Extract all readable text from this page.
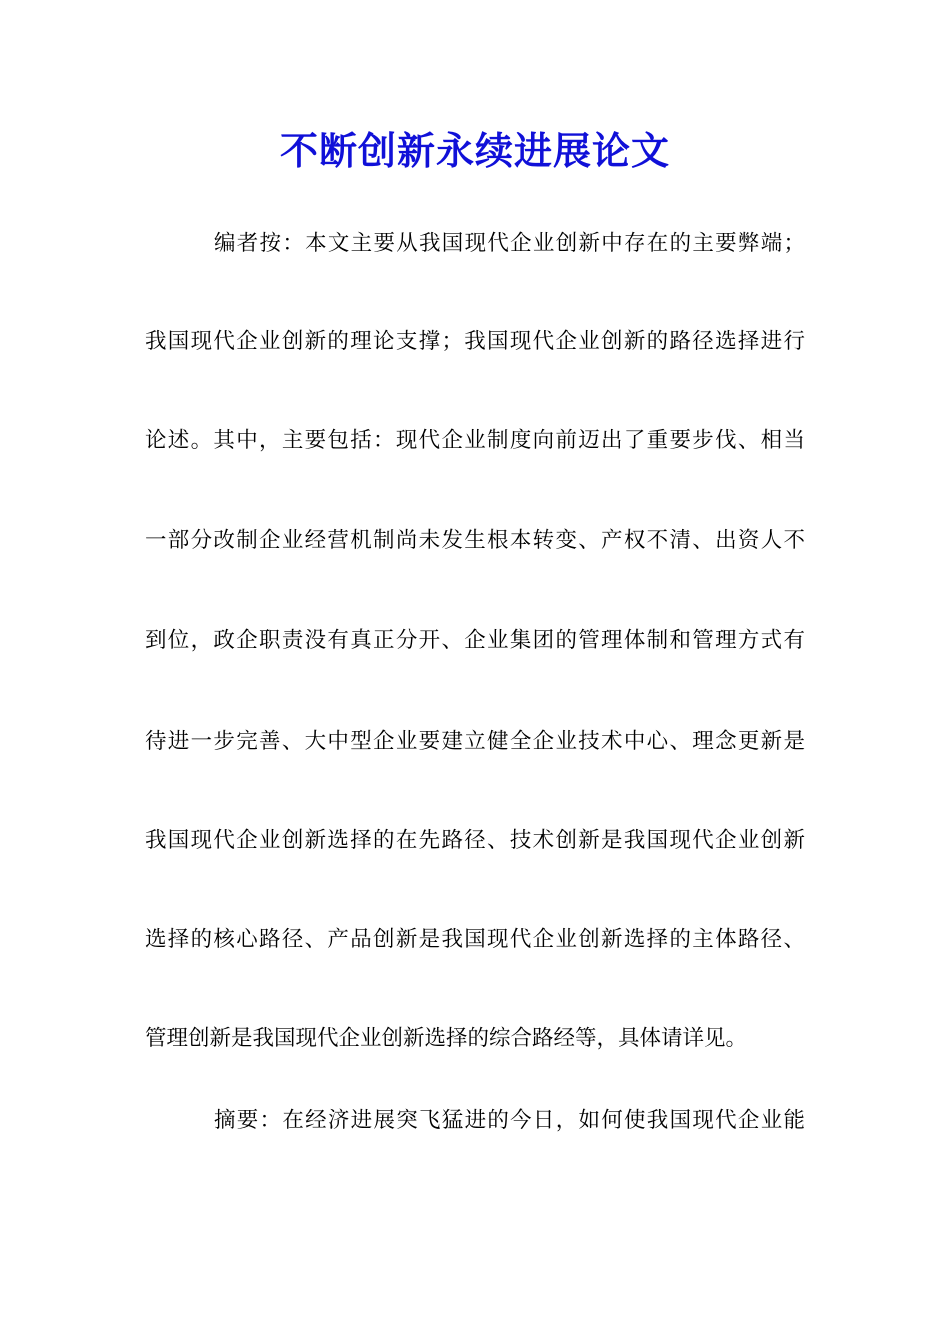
不断创新永续进展论文

编者按：本文主要从我国现代企业创新中存在的主要弊端；

我国现代企业创新的理论支撑；我国现代企业创新的路径选择进行

论述。其中，主要包括：现代企业制度向前迈出了重要步伐、相当

一部分改制企业经营机制尚未发生根本转变、产权不清、出资人不

到位，政企职责没有真正分开、企业集团的管理体制和管理方式有

待进一步完善、大中型企业要建立健全企业技术中心、理念更新是

我国现代企业创新选择的在先路径、技术创新是我国现代企业创新

选择的核心路径、产品创新是我国现代企业创新选择的主体路径、

管理创新是我国现代企业创新选择的综合路经等，具体请详见。

摘要：在经济进展突飞猛进的今日，如何使我国现代企业能
